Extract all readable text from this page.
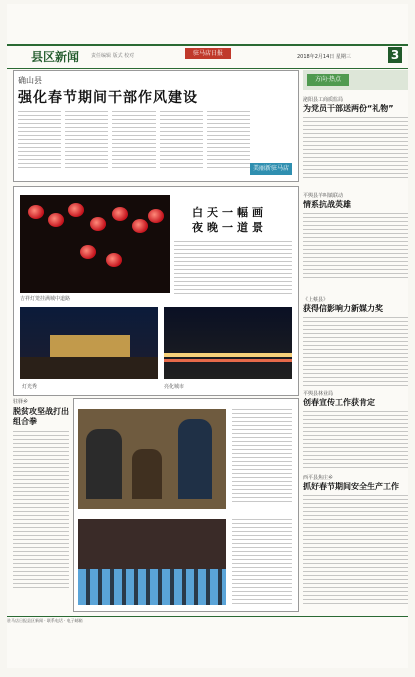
县区新闻 责任编辑 版式 校对	驻马店日报	2018年2月14日 星期三	3
确山县
强化春节期间干部作风建设
美丽新驻马店
吉祥灯笼挂满城中道路
白天一幅画
夜晚一道景
灯光秀	亮化城市
驻驿乡
脱贫攻坚战打出组合拳
方向·热点
泌阳县工商质监局
为党员干部送两份“礼物”
平舆县羊叫镇联动
情系抗战英雄
《上蔡县》
获得信影响力新媒力奖
平舆县林业局
创春宣传工作获肯定
西平县焦庄乡
抓好春节期间安全生产工作
驻马店日报县区新闻 · 联系电话 · 电子邮箱
